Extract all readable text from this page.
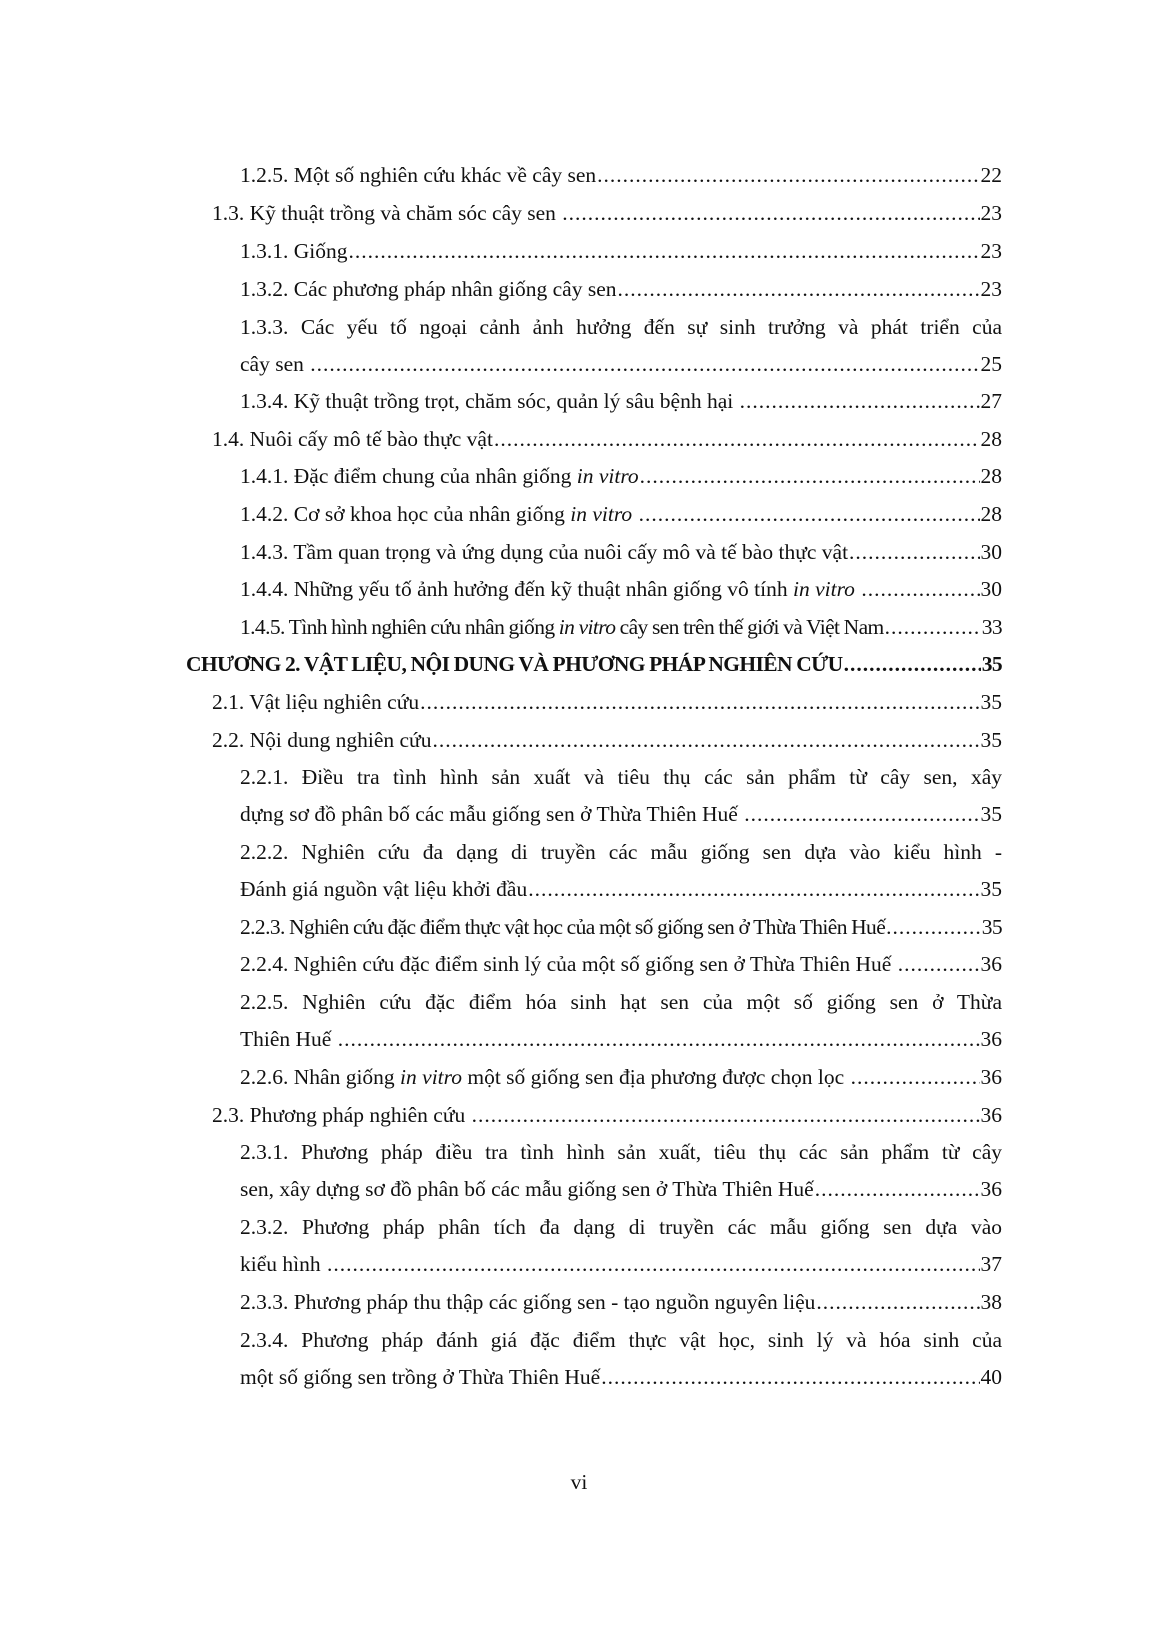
1.2.5. Một số nghiên cứu khác về cây sen .....	22
1.3. Kỹ thuật trồng và chăm sóc cây sen .....	23
1.3.1. Giống .....	23
1.3.2. Các phương pháp nhân giống cây sen .....	23
1.3.3. Các yếu tố ngoại cảnh ảnh hưởng đến sự sinh trưởng và phát triển của
cây sen .....	25
1.3.4. Kỹ thuật trồng trọt, chăm sóc, quản lý sâu bệnh hại .....	27
1.4. Nuôi cấy mô tế bào thực vật .....	28
1.4.1. Đặc điểm chung của nhân giống in vitro .....	28
1.4.2. Cơ sở khoa học của nhân giống in vitro .....	28
1.4.3. Tầm quan trọng và ứng dụng của nuôi cấy mô và tế bào thực vật .....	30
1.4.4. Những yếu tố ảnh hưởng đến kỹ thuật nhân giống vô tính in vitro .....	30
1.4.5. Tình hình nghiên cứu nhân giống in vitro cây sen trên thế giới và Việt Nam .....	33
CHƯƠNG 2. VẬT LIỆU, NỘI DUNG VÀ PHƯƠNG PHÁP NGHIÊN CỨU .....	35
2.1. Vật liệu nghiên cứu .....	35
2.2. Nội dung nghiên cứu .....	35
2.2.1. Điều tra tình hình sản xuất và tiêu thụ các sản phẩm từ cây sen, xây
dựng sơ đồ phân bố các mẫu giống sen ở Thừa Thiên Huế .....	35
2.2.2. Nghiên cứu đa dạng di truyền các mẫu giống sen dựa vào kiểu hình -
Đánh giá nguồn vật liệu khởi đầu .....	35
2.2.3. Nghiên cứu đặc điểm thực vật học của một số giống sen ở Thừa Thiên Huế .....	35
2.2.4. Nghiên cứu đặc điểm sinh lý của một số giống sen ở Thừa Thiên Huế .....	36
2.2.5. Nghiên cứu đặc điểm hóa sinh hạt sen của một số giống sen ở Thừa
Thiên Huế .....	36
2.2.6. Nhân giống in vitro một số giống sen địa phương được chọn lọc .....	36
2.3. Phương pháp nghiên cứu .....	36
2.3.1. Phương pháp điều tra tình hình sản xuất, tiêu thụ các sản phẩm từ cây
sen, xây dựng sơ đồ phân bố các mẫu giống sen ở Thừa Thiên Huế .....	36
2.3.2. Phương pháp phân tích đa dạng di truyền các mẫu giống sen dựa vào
kiểu hình .....	37
2.3.3. Phương pháp thu thập các giống sen - tạo nguồn nguyên liệu .....	38
2.3.4. Phương pháp đánh giá đặc điểm thực vật học, sinh lý và hóa sinh của
một số giống sen trồng ở Thừa Thiên Huế .....	40
vi
